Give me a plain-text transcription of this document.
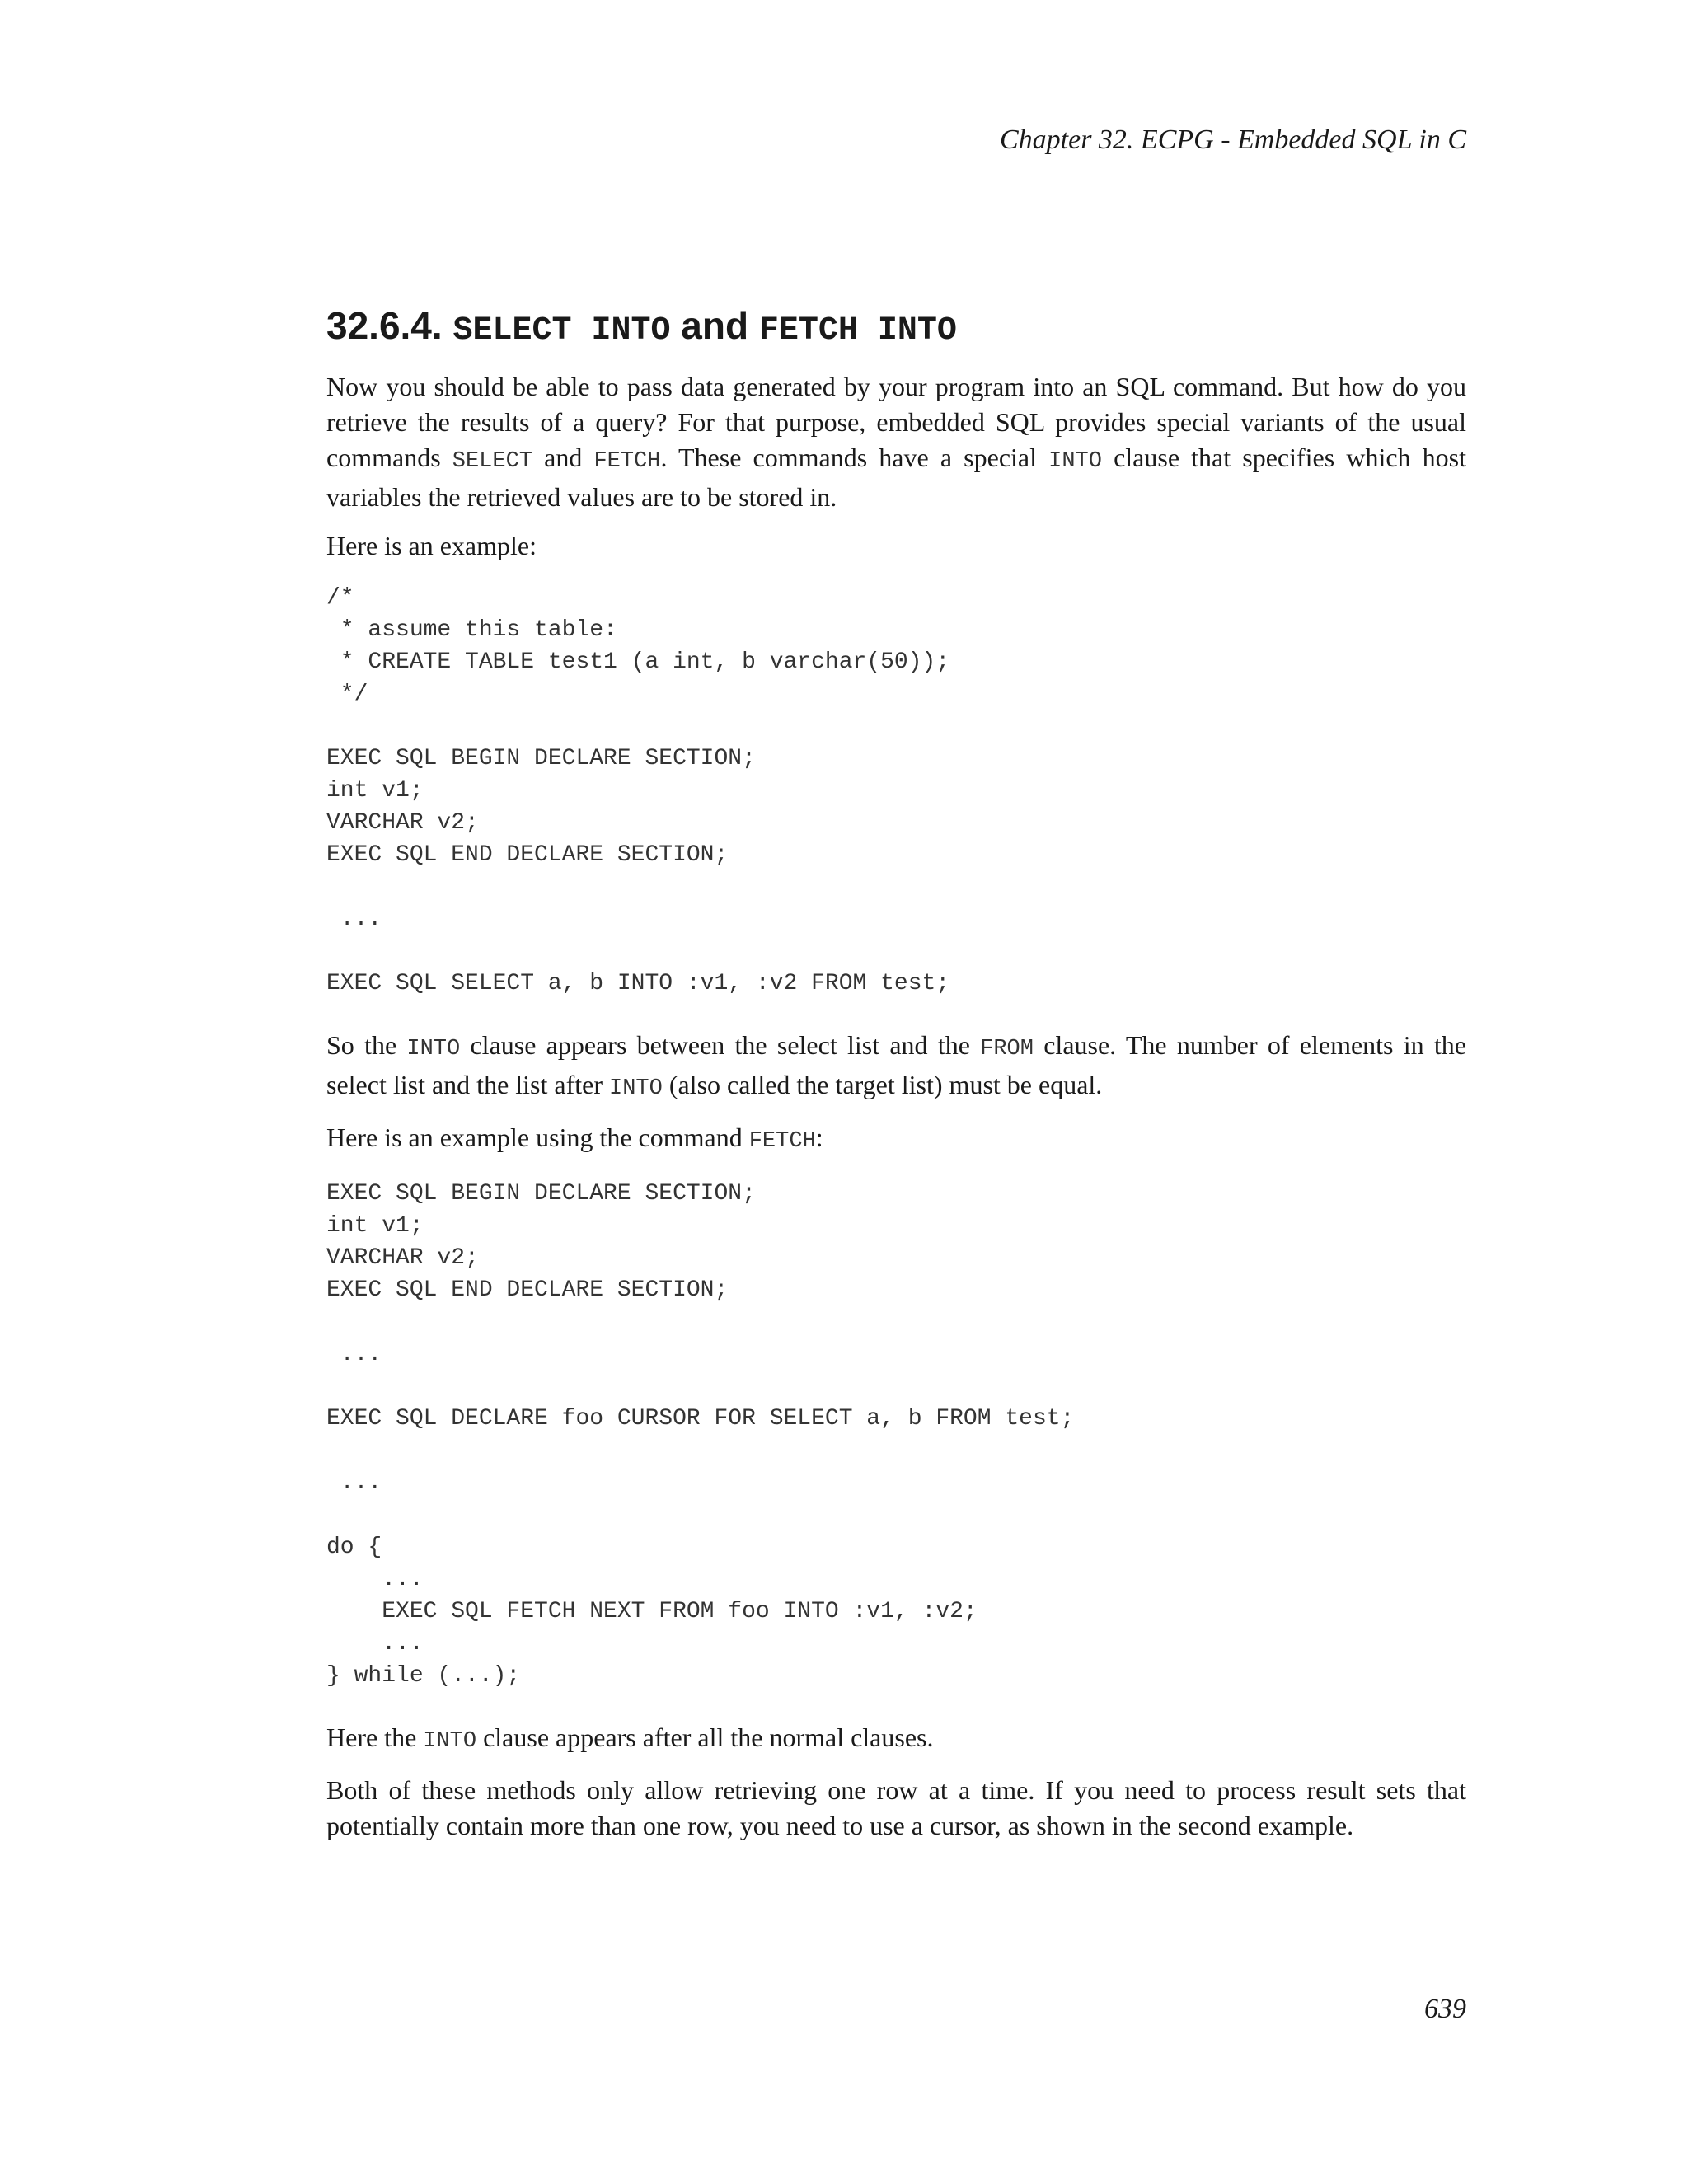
Chapter 32. ECPG - Embedded SQL in C
32.6.4. SELECT INTO and FETCH INTO

Now you should be able to pass data generated by your program into an SQL command. But how do you retrieve the results of a query? For that purpose, embedded SQL provides special variants of the usual commands SELECT and FETCH. These commands have a special INTO clause that specifies which host variables the retrieved values are to be stored in.

Here is an example:

/*
* assume this table:
* CREATE TABLE test1 (a int, b varchar(50));
*/

EXEC SQL BEGIN DECLARE SECTION;
int v1;
VARCHAR v2;
EXEC SQL END DECLARE SECTION;

...

EXEC SQL SELECT a, b INTO :v1, :v2 FROM test;

So the INTO clause appears between the select list and the FROM clause. The number of elements in the select list and the list after INTO (also called the target list) must be equal.

Here is an example using the command FETCH:

EXEC SQL BEGIN DECLARE SECTION;
int v1;
VARCHAR v2;
EXEC SQL END DECLARE SECTION;

...

EXEC SQL DECLARE foo CURSOR FOR SELECT a, b FROM test;

...

do {
...
EXEC SQL FETCH NEXT FROM foo INTO :v1, :v2;
...
} while (...);

Here the INTO clause appears after all the normal clauses.

Both of these methods only allow retrieving one row at a time. If you need to process result sets that potentially contain more than one row, you need to use a cursor, as shown in the second example.

639
